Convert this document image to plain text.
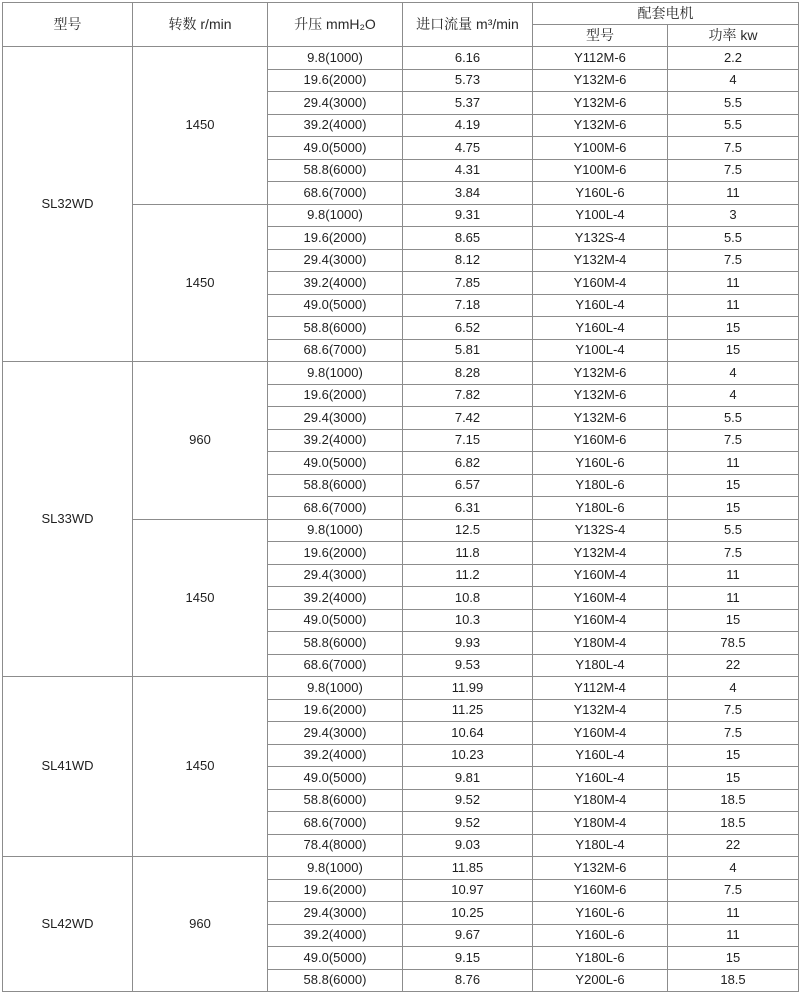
型号	转数 r/min	升压 mmH₂O	进口流量 m³/min	配套电机	
				型号	功率 kw
SL32WD	1450	9.8(1000)	6.16	Y112M-6	2.2
		19.6(2000)	5.73	Y132M-6	4
		29.4(3000)	5.37	Y132M-6	5.5
		39.2(4000)	4.19	Y132M-6	5.5
		49.0(5000)	4.75	Y100M-6	7.5
		58.8(6000)	4.31	Y100M-6	7.5
		68.6(7000)	3.84	Y160L-6	11
	1450	9.8(1000)	9.31	Y100L-4	3
		19.6(2000)	8.65	Y132S-4	5.5
		29.4(3000)	8.12	Y132M-4	7.5
		39.2(4000)	7.85	Y160M-4	11
		49.0(5000)	7.18	Y160L-4	11
		58.8(6000)	6.52	Y160L-4	15
		68.6(7000)	5.81	Y100L-4	15
SL33WD	960	9.8(1000)	8.28	Y132M-6	4
		19.6(2000)	7.82	Y132M-6	4
		29.4(3000)	7.42	Y132M-6	5.5
		39.2(4000)	7.15	Y160M-6	7.5
		49.0(5000)	6.82	Y160L-6	11
		58.8(6000)	6.57	Y180L-6	15
		68.6(7000)	6.31	Y180L-6	15
	1450	9.8(1000)	12.5	Y132S-4	5.5
		19.6(2000)	11.8	Y132M-4	7.5
		29.4(3000)	11.2	Y160M-4	11
		39.2(4000)	10.8	Y160M-4	11
		49.0(5000)	10.3	Y160M-4	15
		58.8(6000)	9.93	Y180M-4	78.5
		68.6(7000)	9.53	Y180L-4	22
SL41WD	1450	9.8(1000)	11.99	Y112M-4	4
		19.6(2000)	11.25	Y132M-4	7.5
		29.4(3000)	10.64	Y160M-4	7.5
		39.2(4000)	10.23	Y160L-4	15
		49.0(5000)	9.81	Y160L-4	15
		58.8(6000)	9.52	Y180M-4	18.5
		68.6(7000)	9.52	Y180M-4	18.5
		78.4(8000)	9.03	Y180L-4	22
SL42WD	960	9.8(1000)	11.85	Y132M-6	4
		19.6(2000)	10.97	Y160M-6	7.5
		29.4(3000)	10.25	Y160L-6	11
		39.2(4000)	9.67	Y160L-6	11
		49.0(5000)	9.15	Y180L-6	15
		58.8(6000)	8.76	Y200L-6	18.5
